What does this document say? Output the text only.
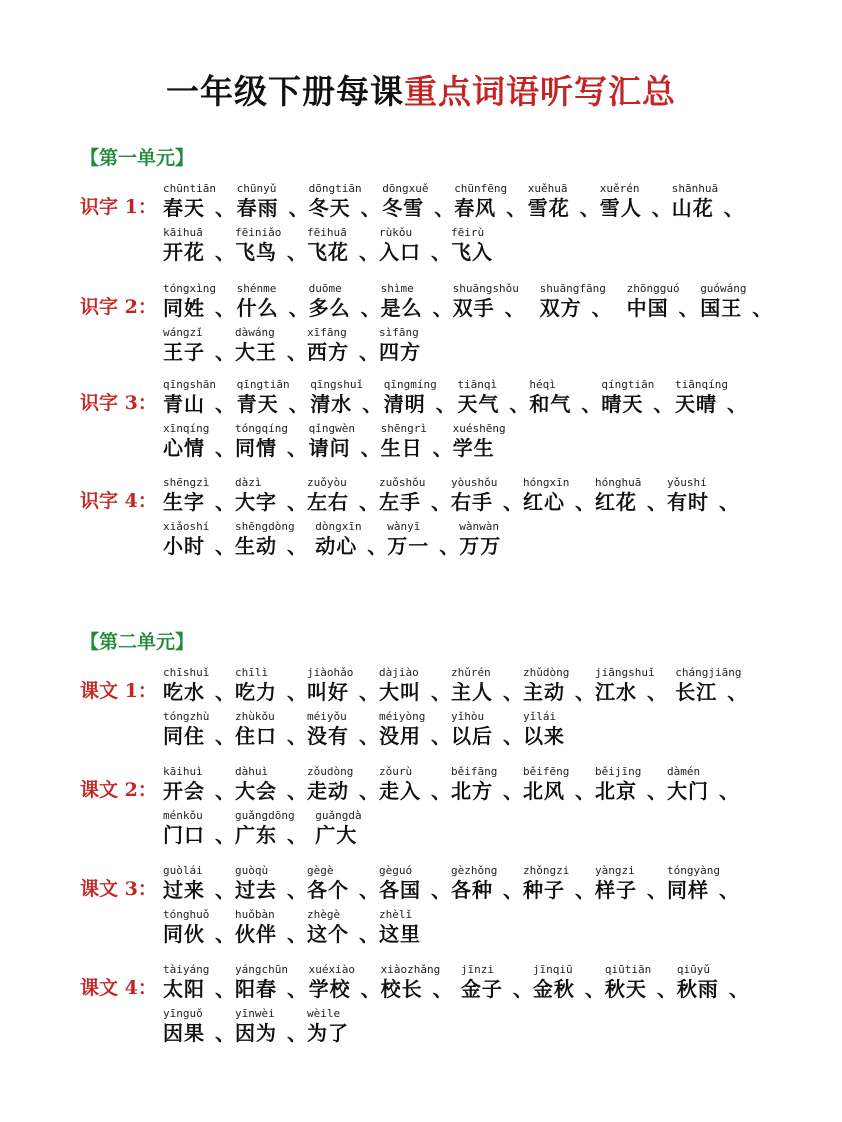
一年级下册每课重点词语听写汇总
【第一单元】
识字 1：
chūntiān
春天 、
chūnyǔ
春雨 、
dōngtiān
冬天 、
dōngxuě
冬雪 、
chūnfēng
春风 、
xuěhuā
雪花 、
xuěrén
雪人 、
shānhuā
山花 、
kāihuā
开花 、
fēiniǎo
飞鸟 、
fēihuā
飞花 、
rùkǒu
入口 、
fēirù
飞入
识字 2：
tóngxìng
同姓 、
shénme
什么 、
duōme
多么 、
shìme
是么 、
shuāngshǒu
双手 、
shuāngfāng
双方 、
zhōngguó
中国 、
guówáng
国王 、
wángzǐ
王子 、
dàwáng
大王 、
xīfāng
西方 、
sìfāng
四方
识字 3：
qīngshān
青山 、
qīngtiān
青天 、
qīngshuǐ
清水 、
qīngmíng
清明 、
tiānqì
天气 、
héqì
和气 、
qíngtiān
晴天 、
tiānqíng
天晴 、
xīnqíng
心情 、
tóngqíng
同情 、
qǐngwèn
请问 、
shēngrì
生日 、
xuéshēng
学生
识字 4：
shēngzì
生字 、
dàzì
大字 、
zuǒyòu
左右 、
zuǒshǒu
左手 、
yòushǒu
右手 、
hóngxīn
红心 、
hónghuā
红花 、
yǒushí
有时 、
xiǎoshí
小时 、
shēngdòng
生动 、
dòngxīn
动心 、
wànyī
万一 、
wànwàn
万万
【第二单元】
课文 1：
chīshuǐ
吃水 、
chīlì
吃力 、
jiàohǎo
叫好 、
dàjiào
大叫 、
zhǔrén
主人 、
zhǔdòng
主动 、
jiāngshuǐ
江水 、
chángjiāng
长江 、
tóngzhù
同住 、
zhùkǒu
住口 、
méiyǒu
没有 、
méiyòng
没用 、
yǐhòu
以后 、
yǐlái
以来
课文 2：
kāihuì
开会 、
dàhuì
大会 、
zǒudòng
走动 、
zǒurù
走入 、
běifāng
北方 、
běifēng
北风 、
běijīng
北京 、
dàmén
大门 、
ménkǒu
门口 、
guǎngdōng
广东 、
guǎngdà
广大
课文 3：
guòlái
过来 、
guòqù
过去 、
gègè
各个 、
gèguó
各国 、
gèzhǒng
各种 、
zhǒngzi
种子 、
yàngzi
样子 、
tóngyàng
同样 、
tónghuǒ
同伙 、
huǒbàn
伙伴 、
zhègè
这个 、
zhèlǐ
这里
课文 4：
tàiyáng
太阳 、
yángchūn
阳春 、
xuéxiào
学校 、
xiàozhǎng
校长 、
jīnzi
金子 、
jīnqiū
金秋 、
qiūtiān
秋天 、
qiūyǔ
秋雨 、
yīnguǒ
因果 、
yīnwèi
因为 、
wèile
为了
